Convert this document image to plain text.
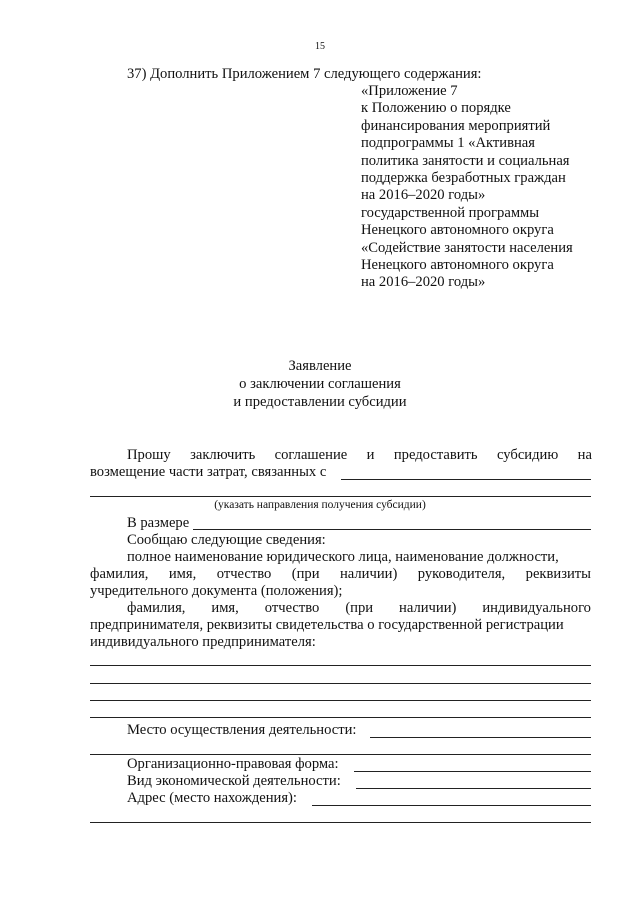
15
37) Дополнить Приложением 7 следующего содержания:
«Приложение 7
к Положению о порядке
финансирования мероприятий
подпрограммы 1 «Активная
политика занятости и социальная
поддержка безработных граждан
на 2016–2020 годы»
государственной программы
Ненецкого автономного округа
«Содействие занятости населения
Ненецкого автономного округа
на 2016–2020 годы»
Заявление
о заключении соглашения
и предоставлении субсидии
Прошу заключить соглашение и предоставить субсидию на
возмещение части затрат, связанных с
(указать направления получения субсидии)
В размере
Сообщаю следующие сведения:
полное наименование юридического лица, наименование должности,
фамилия, имя, отчество (при наличии) руководителя, реквизиты
учредительного документа (положения);
фамилия, имя, отчество (при наличии) индивидуального
предпринимателя, реквизиты свидетельства о государственной регистрации
индивидуального предпринимателя:
Место осуществления деятельности:
Организационно-правовая форма:
Вид экономической деятельности:
Адрес (место нахождения):
